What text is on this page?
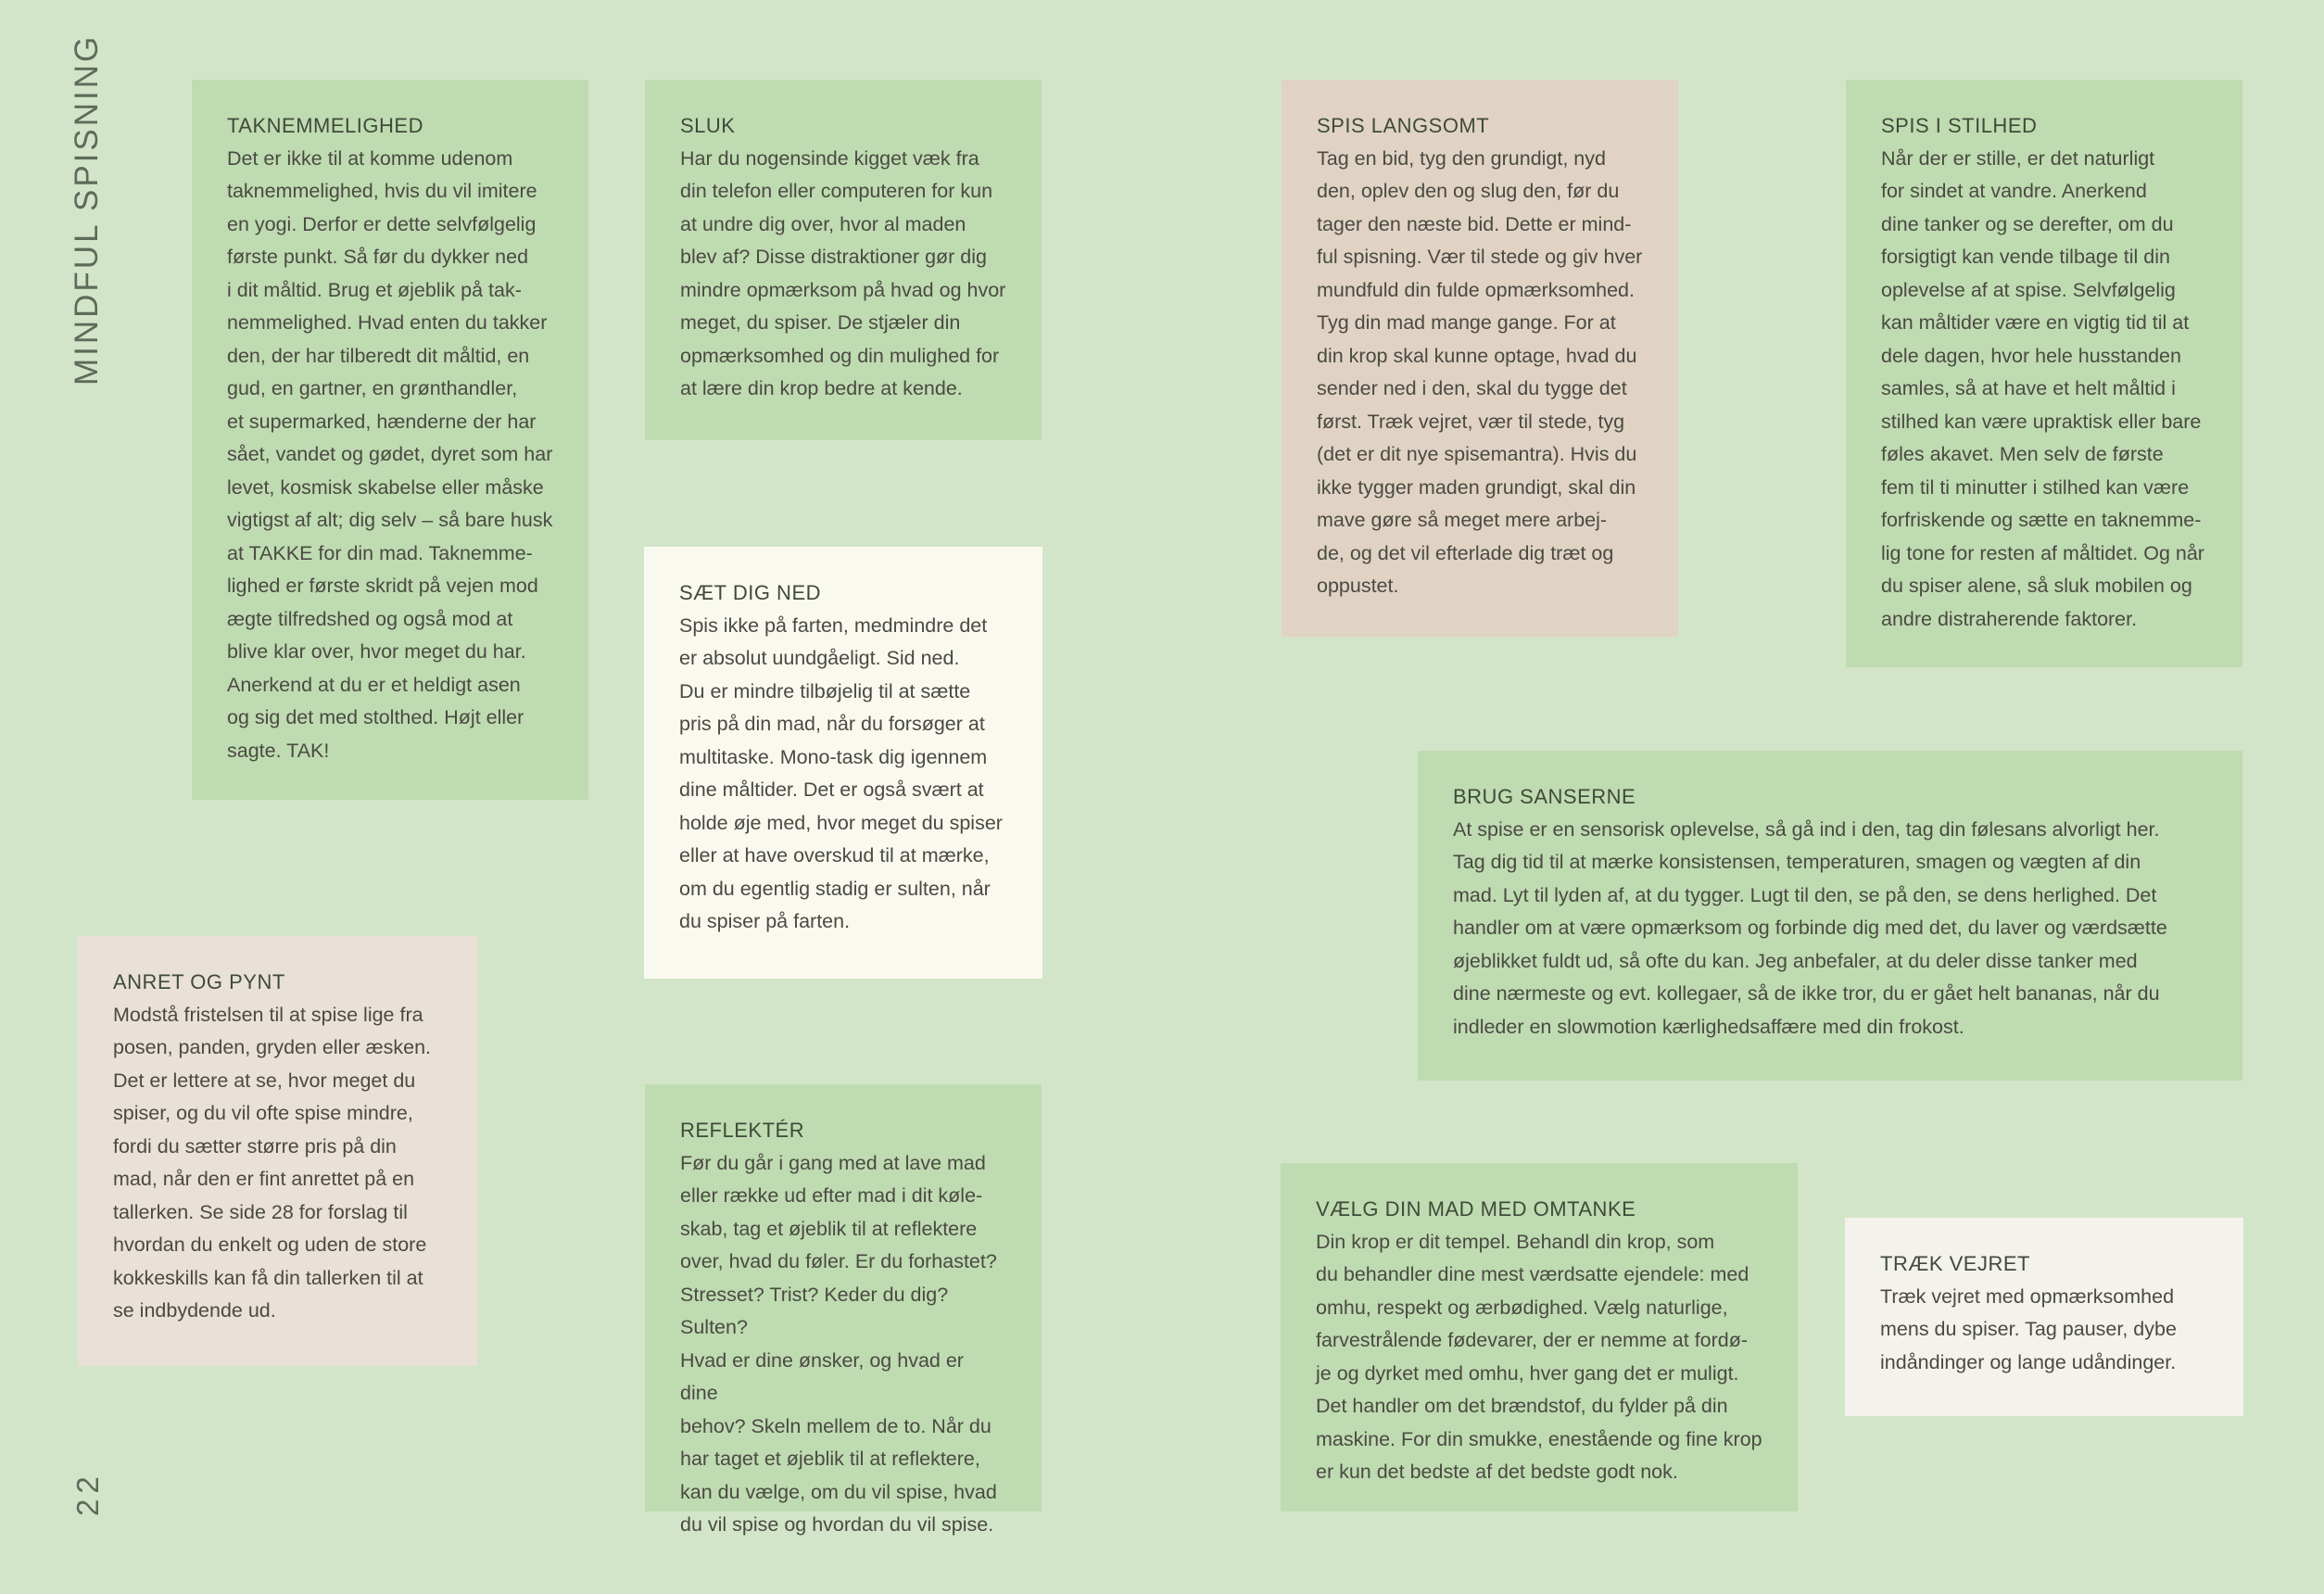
MINDFUL SPISNING
22
TAKNEMMELIGHED
Det er ikke til at komme udenom
taknemmelighed, hvis du vil imitere
en yogi. Derfor er dette selvfølgelig
første punkt. Så før du dykker ned
i dit måltid. Brug et øjeblik på tak-
nemmelighed. Hvad enten du takker
den, der har tilberedt dit måltid, en
gud, en gartner, en grønthandler,
et supermarked, hænderne der har
sået, vandet og gødet, dyret som har
levet, kosmisk skabelse eller måske
vigtigst af alt; dig selv – så bare husk
at TAKKE for din mad. Taknemme-
lighed er første skridt på vejen mod
ægte tilfredshed og også mod at
blive klar over, hvor meget du har.
Anerkend at du er et heldigt asen
og sig det med stolthed. Højt eller
sagte. TAK!
SLUK
Har du nogensinde kigget væk fra
din telefon eller computeren for kun
at undre dig over, hvor al maden
blev af? Disse distraktioner gør dig
mindre opmærksom på hvad og hvor
meget, du spiser. De stjæler din
opmærksomhed og din mulighed for
at lære din krop bedre at kende.
SÆT DIG NED
Spis ikke på farten, medmindre det
er absolut uundgåeligt. Sid ned.
Du er mindre tilbøjelig til at sætte
pris på din mad, når du forsøger at
multitaske. Mono-task dig igennem
dine måltider. Det er også svært at
holde øje med, hvor meget du spiser
eller at have overskud til at mærke,
om du egentlig stadig er sulten, når
du spiser på farten.
SPIS LANGSOMT
Tag en bid, tyg den grundigt, nyd
den, oplev den og slug den, før du
tager den næste bid. Dette er mind-
ful spisning. Vær til stede og giv hver
mundfuld din fulde opmærksomhed.
Tyg din mad mange gange. For at
din krop skal kunne optage, hvad du
sender ned i den, skal du tygge det
først. Træk vejret, vær til stede, tyg
(det er dit nye spisemantra). Hvis du
ikke tygger maden grundigt, skal din
mave gøre så meget mere arbej-
de, og det vil efterlade dig træt og
oppustet.
SPIS I STILHED
Når der er stille, er det naturligt
for sindet at vandre. Anerkend
dine tanker og se derefter, om du
forsigtigt kan vende tilbage til din
oplevelse af at spise. Selvfølgelig
kan måltider være en vigtig tid til at
dele dagen, hvor hele husstanden
samles, så at have et helt måltid i
stilhed kan være upraktisk eller bare
føles akavet. Men selv de første
fem til ti minutter i stilhed kan være
forfriskende og sætte en taknemme-
lig tone for resten af måltidet. Og når
du spiser alene, så sluk mobilen og
andre distraherende faktorer.
BRUG SANSERNE
At spise er en sensorisk oplevelse, så gå ind i den, tag din følesans alvorligt her.
Tag dig tid til at mærke konsistensen, temperaturen, smagen og vægten af din
mad. Lyt til lyden af, at du tygger. Lugt til den, se på den, se dens herlighed. Det
handler om at være opmærksom og forbinde dig med det, du laver og værdsætte
øjeblikket fuldt ud, så ofte du kan. Jeg anbefaler, at du deler disse tanker med
dine nærmeste og evt. kollegaer, så de ikke tror, du er gået helt bananas, når du
indleder en slowmotion kærlighedsaffære med din frokost.
ANRET OG PYNT
Modstå fristelsen til at spise lige fra
posen, panden, gryden eller æsken.
Det er lettere at se, hvor meget du
spiser, og du vil ofte spise mindre,
fordi du sætter større pris på din
mad, når den er fint anrettet på en
tallerken. Se side 28 for forslag til
hvordan du enkelt og uden de store
kokkeskills kan få din tallerken til at
se indbydende ud.
REFLEKTÉR
Før du går i gang med at lave mad
eller række ud efter mad i dit køle-
skab, tag et øjeblik til at reflektere
over, hvad du føler. Er du forhastet?
Stresset? Trist? Keder du dig? Sulten?
Hvad er dine ønsker, og hvad er dine
behov? Skeln mellem de to. Når du
har taget et øjeblik til at reflektere,
kan du vælge, om du vil spise, hvad
du vil spise og hvordan du vil spise.
VÆLG DIN MAD MED OMTANKE
Din krop er dit tempel. Behandl din krop, som
du behandler dine mest værdsatte ejendele: med
omhu, respekt og ærbødighed. Vælg naturlige,
farvestrålende fødevarer, der er nemme at fordø-
je og dyrket med omhu, hver gang det er muligt.
Det handler om det brændstof, du fylder på din
maskine. For din smukke, enestående og fine krop
er kun det bedste af det bedste godt nok.
TRÆK VEJRET
Træk vejret med opmærksomhed
mens du spiser. Tag pauser, dybe
indåndinger og lange udåndinger.
